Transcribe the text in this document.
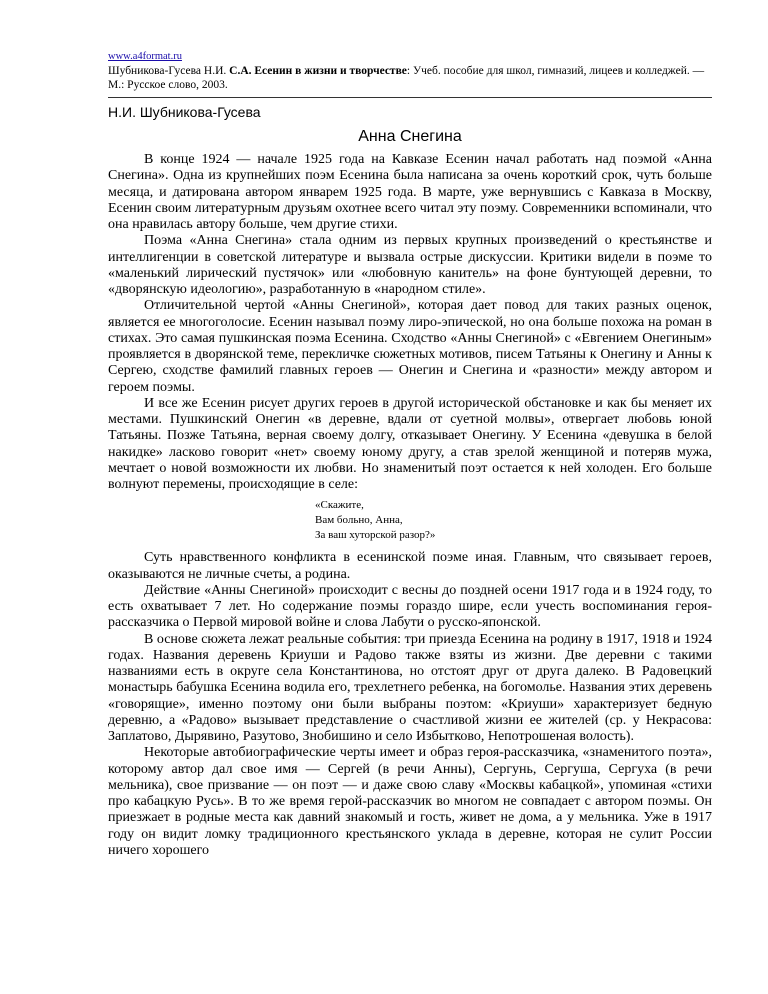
www.a4format.ru
Шубникова-Гусева Н.И. С.А. Есенин в жизни и творчестве: Учеб. пособие для школ, гимназий, лицеев и колледжей. — М.: Русское слово, 2003.
Н.И. Шубникова-Гусева
Анна Снегина

В конце 1924 — начале 1925 года на Кавказе Есенин начал работать над поэмой «Анна Снегина». Одна из крупнейших поэм Есенина была написана за очень короткий срок, чуть больше месяца, и датирована автором январем 1925 года. В марте, уже вернувшись с Кавказа в Москву, Есенин своим литературным друзьям охотнее всего читал эту поэму. Современники вспоминали, что она нравилась автору больше, чем другие стихи.

Поэма «Анна Снегина» стала одним из первых крупных произведений о крестьянстве и интеллигенции в советской литературе и вызвала острые дискуссии. Критики видели в поэме то «маленький лирический пустячок» или «любовную канитель» на фоне бунтующей деревни, то «дворянскую идеологию», разработанную в «народном стиле».

Отличительной чертой «Анны Снегиной», которая дает повод для таких разных оценок, является ее многоголосие. Есенин называл поэму лиро-эпической, но она больше похожа на роман в стихах. Это самая пушкинская поэма Есенина. Сходство «Анны Снегиной» с «Евгением Онегиным» проявляется в дворянской теме, перекличке сюжетных мотивов, писем Татьяны к Онегину и Анны к Сергею, сходстве фамилий главных героев — Онегин и Снегина и «разности» между автором и героем поэмы.

И все же Есенин рисует других героев в другой исторической обстановке и как бы меняет их местами. Пушкинский Онегин «в деревне, вдали от суетной молвы», отвергает любовь юной Татьяны. Позже Татьяна, верная своему долгу, отказывает Онегину. У Есенина «девушка в белой накидке» ласково говорит «нет» своему юному другу, а став зрелой женщиной и потеряв мужа, мечтает о новой возможности их любви. Но знаменитый поэт остается к ней холоден. Его больше волнуют перемены, происходящие в селе:

«Скажите,
Вам больно, Анна,
За ваш хуторской разор?»

Суть нравственного конфликта в есенинской поэме иная. Главным, что связывает героев, оказываются не личные счеты, а родина.

Действие «Анны Снегиной» происходит с весны до поздней осени 1917 года и в 1924 году, то есть охватывает 7 лет. Но содержание поэмы гораздо шире, если учесть воспоминания героя-рассказчика о Первой мировой войне и слова Лабути о русско-японской.

В основе сюжета лежат реальные события: три приезда Есенина на родину в 1917, 1918 и 1924 годах. Названия деревень Криуши и Радово также взяты из жизни. Две деревни с такими названиями есть в округе села Константинова, но отстоят друг от друга далеко. В Радовецкий монастырь бабушка Есенина водила его, трехлетнего ребенка, на богомолье. Названия этих деревень «говорящие», именно поэтому они были выбраны поэтом: «Криуши» характеризует бедную деревню, а «Радово» вызывает представление о счастливой жизни ее жителей (ср. у Некрасова: Заплатово, Дырявино, Разутово, Знобишино и село Избытково, Непотрошеная волость).

Некоторые автобиографические черты имеет и образ героя-рассказчика, «знаменитого поэта», которому автор дал свое имя — Сергей (в речи Анны), Сергунь, Сергуша, Сергуха (в речи мельника), свое призвание — он поэт — и даже свою славу «Москвы кабацкой», упоминая «стихи про кабацкую Русь». В то же время герой-рассказчик во многом не совпадает с автором поэмы. Он приезжает в родные места как давний знакомый и гость, живет не дома, а у мельника. Уже в 1917 году он видит ломку традиционного крестьянского уклада в деревне, которая не сулит России ничего хорошего
